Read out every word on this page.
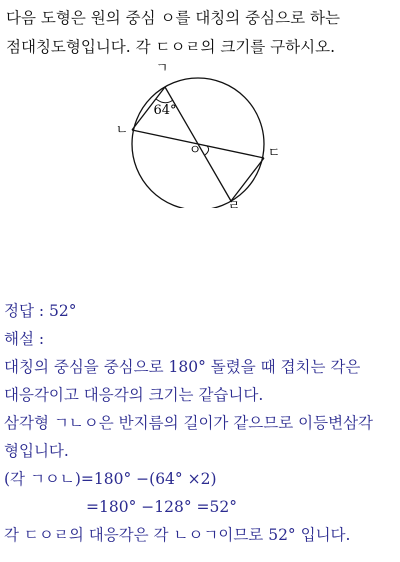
다음 도형은 원의 중심 ㅇ를 대칭의 중심으로 하는
점대칭도형입니다. 각 ㄷㅇㄹ의 크기를 구하시오.
ㄱ
ㄴ
ㅇ	ㄷ
ㄹ
64°
정답 : 52°
해설 :
대칭의 중심을 중심으로 180° 돌렸을 때 겹치는 각은
대응각이고 대응각의 크기는 같습니다.
삼각형 ㄱㄴㅇ은 반지름의 길이가 같으므로 이등변삼각
형입니다.
(각 ㄱㅇㄴ)=180° −(64° ×2)
=180° −128° =52°
각 ㄷㅇㄹ의 대응각은 각 ㄴㅇㄱ이므로 52° 입니다.
